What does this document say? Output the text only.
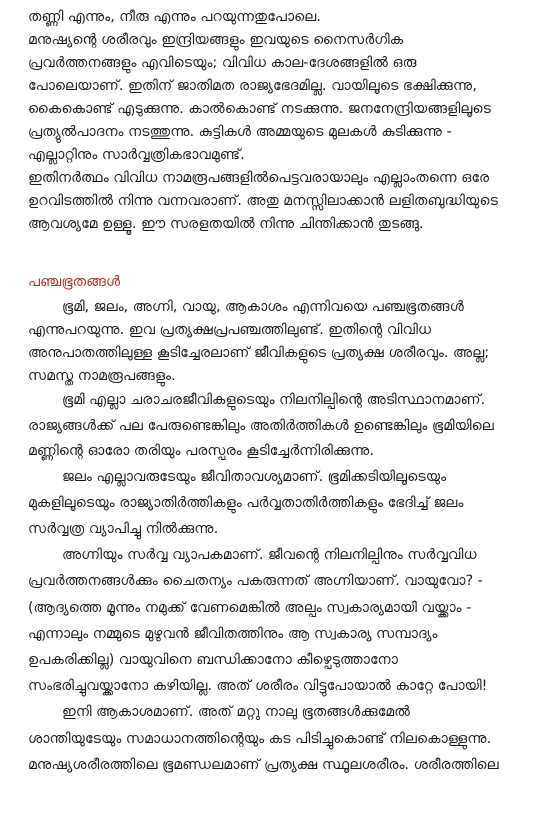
തണ്ണി എന്നും, നീരു എന്നും പറയുന്നതുപോലെ.
മനുഷ്യന്റെ ശരീരവും ഇന്ദ്രിയങ്ങളും ഇവയുടെ നൈസർഗിക
പ്രവർത്തനങ്ങളും എവിടെയും; വിവിധ കാല-ദേശങ്ങളിൽ ഒരു
പോലെയാണ്. ഇതിന് ജാതിമത രാജ്യഭേദമില്ല. വായിലൂടെ ഭക്ഷിക്കുന്നു,
കൈകൊണ്ട് എടുക്കുന്നു. കാൽകൊണ്ട് നടക്കുന്നു. ജനനേന്ദ്രിയങ്ങളിലൂടെ
പ്രത്യുൽപാദനം നടത്തുന്നു. കുട്ടികൾ അമ്മയുടെ മുലകൾ കുടിക്കുന്നു -
എല്ലാറ്റിനും സാർവ്വത്രികഭാവമുണ്ട്.
ഇതിനർത്ഥം വിവിധ നാമരൂപങ്ങളിൽപെട്ടവരായാലും എല്ലാംതന്നെ ഒരേ
ഉറവിടത്തിൽ നിന്നു വന്നവരാണ്. അതു മനസ്സിലാക്കാൻ ലളിതബുദ്ധിയുടെ
ആവശ്യമേ ഉള്ളൂ. ഈ സരളതയിൽ നിന്നു ചിന്തിക്കാൻ തുടങ്ങു.
പഞ്ചഭൂതങ്ങൾ
ഭൂമി, ജലം, അഗ്നി, വായു, ആകാശം എന്നിവയെ പഞ്ചഭൂതങ്ങൾ
എന്നുപറയുന്നു. ഇവ പ്രത്യക്ഷപ്രപഞ്ചത്തിലുണ്ട്. ഇതിന്റെ വിവിധ
അനുപാതത്തിലുള്ള കൂടിച്ചേരലാണ് ജീവികളുടെ പ്രത്യക്ഷ ശരീരവും. അല്ല;
സമസ്ത നാമരൂപങ്ങളും.
ഭൂമി എല്ലാ ചരാചരജീവികളുടെയും നിലനില്പിന്റെ അടിസ്ഥാനമാണ്.
രാജ്യങ്ങൾക്ക് പല പേരുണ്ടെങ്കിലും അതിർത്തികൾ ഉണ്ടെങ്കിലും ഭൂമിയിലെ
മണ്ണിന്റെ ഓരോ തരിയും പരസ്പരം കൂടിച്ചേർന്നിരിക്കുന്നു.
ജലം എല്ലാവരുടേയും ജീവിതാവശ്യമാണ്. ഭൂമിക്കടിയിലൂടെയും
മുകളിലൂടെയും രാജ്യാതിർത്തികളും പർവ്വതാതിർത്തികളും ഭേദിച്ച് ജലം
സർവ്വത്ര വ്യാപിച്ചു നിൽക്കുന്നു.
അഗ്നിയും സർവ്വ വ്യാപകമാണ്. ജീവന്റെ നിലനില്പിനും സർവ്വവിധ
പ്രവർത്തനങ്ങൾക്കും ചൈതന്യം പകരുന്നത് അഗ്നിയാണ്. വായുവോ? -
(ആദ്യത്തെ മൂന്നും നമുക്ക് വേണമെങ്കിൽ അല്പം സ്വകാര്യമായി വയ്ക്കാം -
എന്നാലും നമ്മുടെ മുഴുവൻ ജീവിതത്തിനും ആ സ്വകാര്യ സമ്പാദ്യം
ഉപകരിക്കില്ല) വായുവിനെ ബന്ധിക്കാനോ കീഴ്പെടുത്താനോ
സംഭരിച്ചുവയ്ക്കാനോ കഴിയില്ല. അത് ശരീരം വിട്ടുപോയാൽ കാറ്റേ പോയി!
ഇനി ആകാശമാണ്. അത് മറ്റു നാലു ഭൂതങ്ങൾക്കുമേൽ
ശാന്തിയുടേയും സമാധാനത്തിന്റെയും കട പിടിച്ചുകൊണ്ട് നിലകൊള്ളുന്നു.
മനുഷ്യശരീരത്തിലെ ഭൂമണ്ഡലമാണ് പ്രത്യക്ഷ സ്ഥൂലശരീരം. ശരീരത്തിലെ
